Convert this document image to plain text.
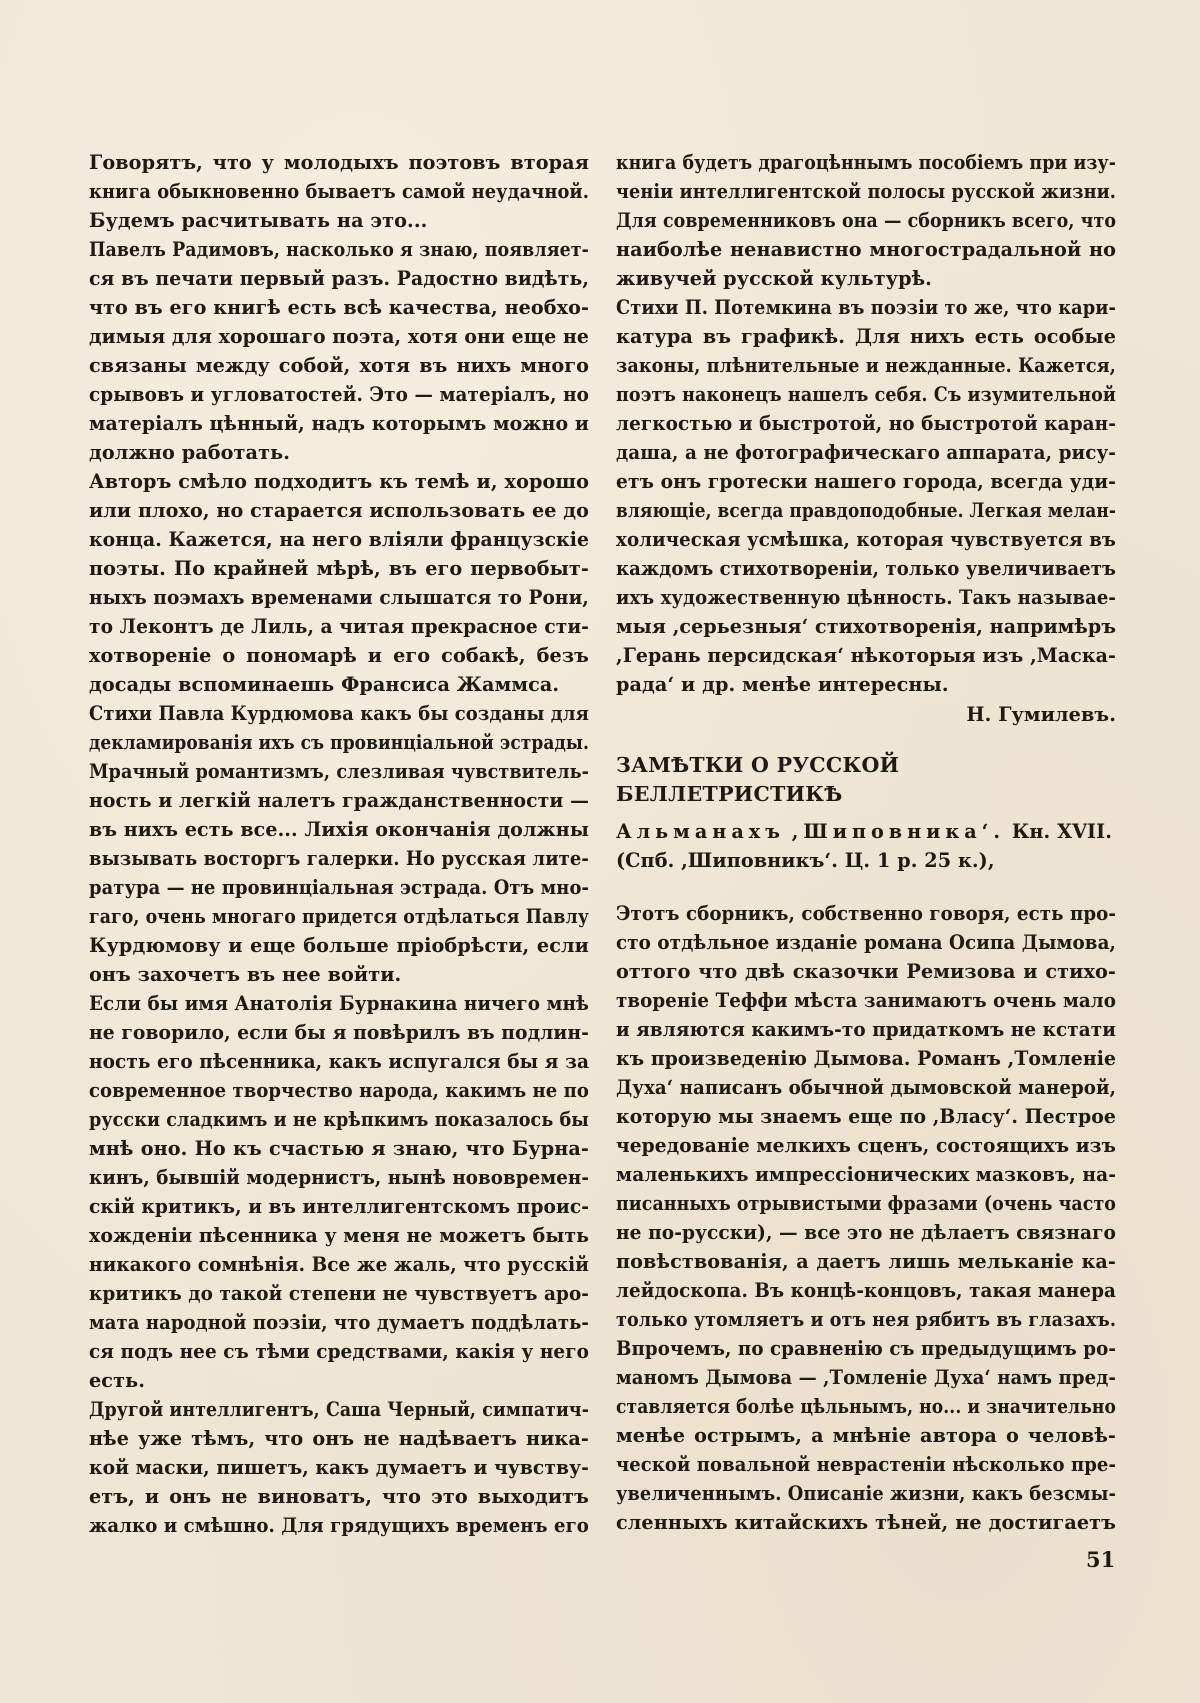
Говорятъ, что у молодыхъ поэтовъ вторая
книга обыкновенно бываетъ самой неудачной.
Будемъ расчитывать на это...
Павелъ Радимовъ, насколько я знаю, появляет-
ся въ печати первый разъ. Радостно видѣть,
что въ его книгѣ есть всѣ качества, необхо-
димыя для хорошаго поэта, хотя они еще не
связаны между собой, хотя въ нихъ много
срывовъ и угловатостей. Это — матеріалъ, но
матеріалъ цѣнный, надъ которымъ можно и
должно работать.
Авторъ смѣло подходитъ къ темѣ и, хорошо
или плохо, но старается использовать ее до
конца. Кажется, на него вліяли французскіе
поэты. По крайней мѣрѣ, въ его первобыт-
ныхъ поэмахъ временами слышатся то Рони,
то Леконтъ де Лиль, а читая прекрасное сти-
хотвореніе о пономарѣ и его собакѣ, безъ
досады вспоминаешь Франсиса Жаммса.
Стихи Павла Курдюмова какъ бы созданы для
декламированія ихъ съ провинціальной эстрады.
Мрачный романтизмъ, слезливая чувствитель-
ность и легкій налетъ гражданственности —
въ нихъ есть все... Лихія окончанія должны
вызывать восторгъ галерки. Но русская лите-
ратура — не провинціальная эстрада. Отъ мно-
гаго, очень многаго придется отдѣлаться Павлу
Курдюмову и еще больше пріобрѣсти, если
онъ захочетъ въ нее войти.
Если бы имя Анатолія Бурнакина ничего мнѣ
не говорило, если бы я повѣрилъ въ подлин-
ность его пѣсенника, какъ испугался бы я за
современное творчество народа, какимъ не по
русски сладкимъ и не крѣпкимъ показалось бы
мнѣ оно. Но къ счастью я знаю, что Бурна-
кинъ, бывшій модернистъ, нынѣ нововремен-
скій критикъ, и въ интеллигентскомъ проис-
хожденіи пѣсенника у меня не можетъ быть
никакого сомнѣнія. Все же жаль, что русскій
критикъ до такой степени не чувствуетъ аро-
мата народной поэзіи, что думаетъ поддѣлать-
ся подъ нее съ тѣми средствами, какія у него
есть.
Другой интеллигентъ, Саша Черный, симпатич-
нѣе уже тѣмъ, что онъ не надѣваетъ ника-
кой маски, пишетъ, какъ думаетъ и чувству-
етъ, и онъ не виноватъ, что это выходитъ
жалко и смѣшно. Для грядущихъ временъ его
книга будетъ драгоцѣннымъ пособіемъ при изу-
ченіи интеллигентской полосы русской жизни.
Для современниковъ она — сборникъ всего, что
наиболѣе ненавистно многострадальной но
живучей русской культурѣ.
Стихи П. Потемкина въ поэзіи то же, что кари-
катура въ графикѣ. Для нихъ есть особые
законы, плѣнительные и нежданные. Кажется,
поэтъ наконецъ нашелъ себя. Съ изумительной
легкостью и быстротой, но быстротой каран-
даша, а не фотографическаго аппарата, рису-
етъ онъ гротески нашего города, всегда уди-
вляющіе, всегда правдоподобные. Легкая мелан-
холическая усмѣшка, которая чувствуется въ
каждомъ стихотвореніи, только увеличиваетъ
ихъ художественную цѣнность. Такъ называе-
мыя ,серьезныя‘ стихотворенія, напримѣръ
,Герань персидская‘ нѣкоторыя изъ ,Маска-
рада‘ и др. менѣе интересны.
Н. Гумилевъ.
ЗАМѢТКИ О РУССКОЙ БЕЛЛЕТРИСТИКѢ
Альманахъ ,Шиповника‘. Кн. XVII.
(Спб. ,Шиповникъ‘. Ц. 1 р. 25 к.),
Этотъ сборникъ, собственно говоря, есть про-
сто отдѣльное изданіе романа Осипа Дымова,
оттого что двѣ сказочки Ремизова и стихо-
твореніе Теффи мѣста занимаютъ очень мало
и являются какимъ-то придаткомъ не кстати
къ произведенію Дымова. Романъ ,Томленіе
Духа‘ написанъ обычной дымовской манерой,
которую мы знаемъ еще по ,Власу‘. Пестрое
чередованіе мелкихъ сценъ, состоящихъ изъ
маленькихъ импрессіонических мазковъ, на-
писанныхъ отрывистыми фразами (очень часто
не по-русски), — все это не дѣлаетъ связнаго
повѣствованія, а даетъ лишь мельканіе ка-
лейдоскопа. Въ концѣ-концовъ, такая манера
только утомляетъ и отъ нея рябитъ въ глазахъ.
Впрочемъ, по сравненію съ предыдущимъ ро-
маномъ Дымова — ,Томленіе Духа‘ намъ пред-
ставляется болѣе цѣльнымъ, но... и значительно
менѣе острымъ, а мнѣніе автора о человѣ-
ческой повальной неврастеніи нѣсколько пре-
увеличеннымъ. Описаніе жизни, какъ безсмы-
сленныхъ китайскихъ тѣней, не достигаетъ
51
